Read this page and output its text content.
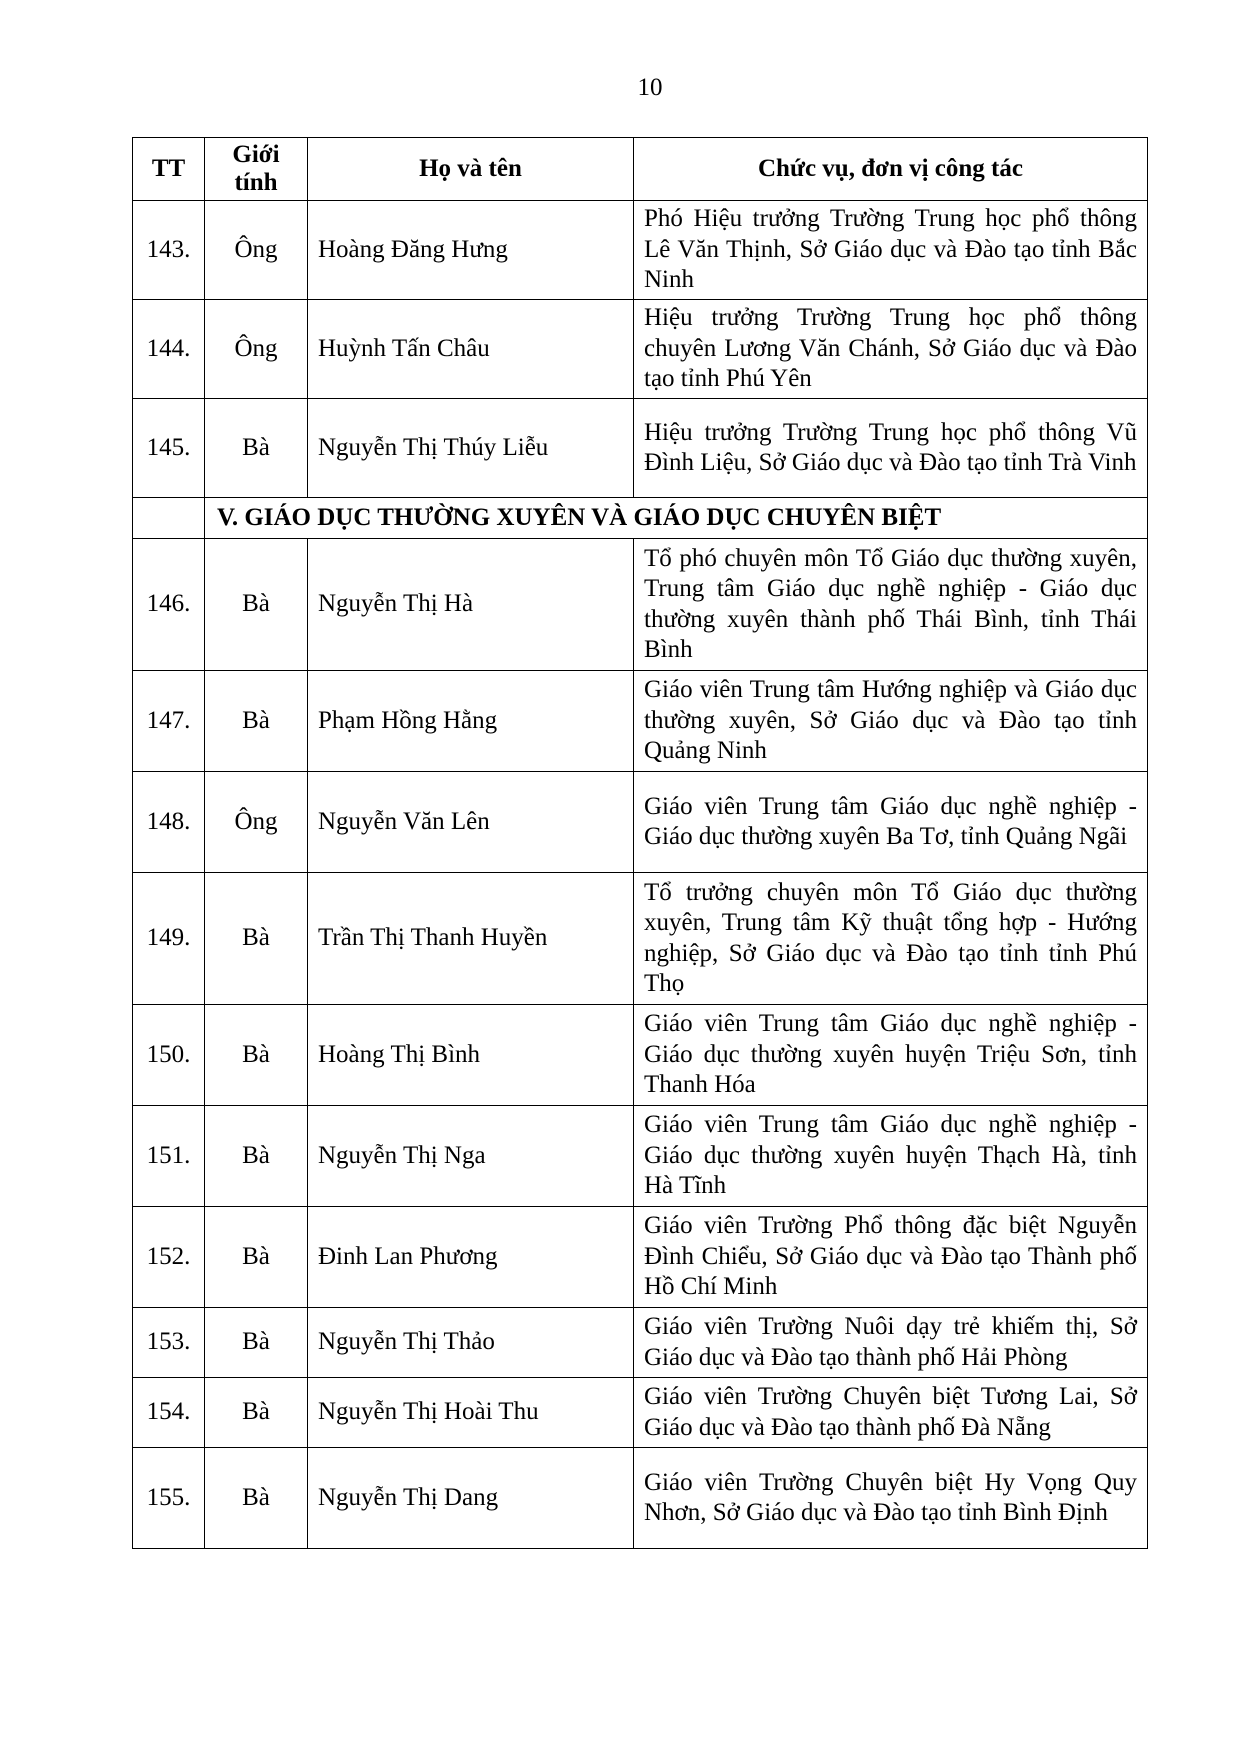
10
TT	Giới tính	Họ và tên	Chức vụ, đơn vị công tác
143.	Ông	Hoàng Đăng Hưng	Phó Hiệu trưởng Trường Trung học phổ thông Lê Văn Thịnh, Sở Giáo dục và Đào tạo tỉnh Bắc Ninh
144.	Ông	Huỳnh Tấn Châu	Hiệu trưởng Trường Trung học phổ thông chuyên Lương Văn Chánh, Sở Giáo dục và Đào tạo tỉnh Phú Yên
145.	Bà	Nguyễn Thị Thúy Liễu	Hiệu trưởng Trường Trung học phổ thông Vũ Đình Liệu, Sở Giáo dục và Đào tạo tỉnh Trà Vinh
	V. GIÁO DỤC THƯỜNG XUYÊN VÀ GIÁO DỤC CHUYÊN BIỆT		
146.	Bà	Nguyễn Thị Hà	Tổ phó chuyên môn Tổ Giáo dục thường xuyên, Trung tâm Giáo dục nghề nghiệp - Giáo dục thường xuyên thành phố Thái Bình, tỉnh Thái Bình
147.	Bà	Phạm Hồng Hằng	Giáo viên Trung tâm Hướng nghiệp và Giáo dục thường xuyên, Sở Giáo dục và Đào tạo tỉnh Quảng Ninh
148.	Ông	Nguyễn Văn Lên	Giáo viên Trung tâm Giáo dục nghề nghiệp - Giáo dục thường xuyên Ba Tơ, tỉnh Quảng Ngãi
149.	Bà	Trần Thị Thanh Huyền	Tổ trưởng chuyên môn Tổ Giáo dục thường xuyên, Trung tâm Kỹ thuật tổng hợp - Hướng nghiệp, Sở Giáo dục và Đào tạo tỉnh tỉnh Phú Thọ
150.	Bà	Hoàng Thị Bình	Giáo viên Trung tâm Giáo dục nghề nghiệp - Giáo dục thường xuyên huyện Triệu Sơn, tỉnh Thanh Hóa
151.	Bà	Nguyễn Thị Nga	Giáo viên Trung tâm Giáo dục nghề nghiệp - Giáo dục thường xuyên huyện Thạch Hà, tỉnh Hà Tĩnh
152.	Bà	Đinh Lan Phương	Giáo viên Trường Phổ thông đặc biệt Nguyễn Đình Chiểu, Sở Giáo dục và Đào tạo Thành phố Hồ Chí Minh
153.	Bà	Nguyễn Thị Thảo	Giáo viên Trường Nuôi dạy trẻ khiếm thị, Sở Giáo dục và Đào tạo thành phố Hải Phòng
154.	Bà	Nguyễn Thị Hoài Thu	Giáo viên Trường Chuyên biệt Tương Lai, Sở Giáo dục và Đào tạo thành phố Đà Nẵng
155.	Bà	Nguyễn Thị Dang	Giáo viên Trường Chuyên biệt Hy Vọng Quy Nhơn, Sở Giáo dục và Đào tạo tỉnh Bình Định
